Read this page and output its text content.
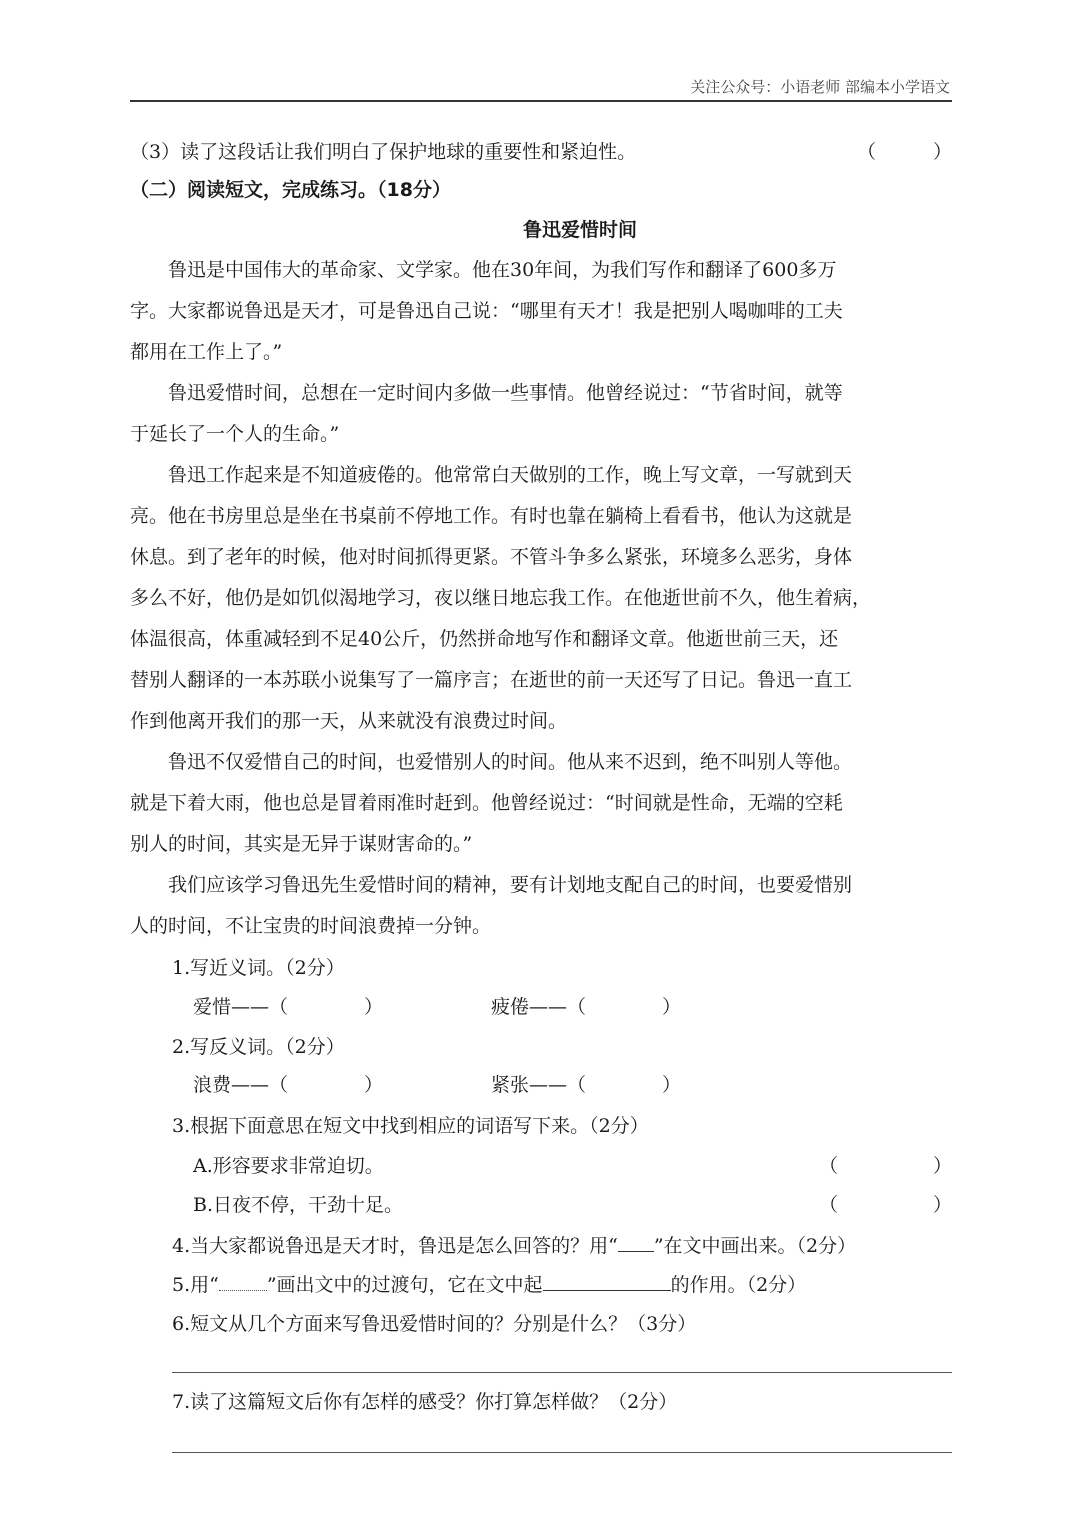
关注公众号：小语老师 部编本小学语文
（3）读了这段话让我们明白了保护地球的重要性和紧迫性。	（　　　）
（二）阅读短文，完成练习。（18分）
鲁迅爱惜时间
　　鲁迅是中国伟大的革命家、文学家。他在30年间，为我们写作和翻译了600多万
字。大家都说鲁迅是天才，可是鲁迅自己说：“哪里有天才！我是把别人喝咖啡的工夫
都用在工作上了。”
　　鲁迅爱惜时间，总想在一定时间内多做一些事情。他曾经说过：“节省时间，就等
于延长了一个人的生命。”
　　鲁迅工作起来是不知道疲倦的。他常常白天做别的工作，晚上写文章，一写就到天
亮。他在书房里总是坐在书桌前不停地工作。有时也靠在躺椅上看看书，他认为这就是
休息。到了老年的时候，他对时间抓得更紧。不管斗争多么紧张，环境多么恶劣，身体
多么不好，他仍是如饥似渴地学习，夜以继日地忘我工作。在他逝世前不久，他生着病，
体温很高，体重减轻到不足40公斤，仍然拼命地写作和翻译文章。他逝世前三天，还
替别人翻译的一本苏联小说集写了一篇序言；在逝世的前一天还写了日记。鲁迅一直工
作到他离开我们的那一天，从来就没有浪费过时间。
　　鲁迅不仅爱惜自己的时间，也爱惜别人的时间。他从来不迟到，绝不叫别人等他。
就是下着大雨，他也总是冒着雨准时赶到。他曾经说过：“时间就是性命，无端的空耗
别人的时间，其实是无异于谋财害命的。”
　　我们应该学习鲁迅先生爱惜时间的精神，要有计划地支配自己的时间，也要爱惜别
人的时间，不让宝贵的时间浪费掉一分钟。
1.写近义词。（2分）
爱惜——（　　　　）	疲倦——（　　　　）
2.写反义词。（2分）
浪费——（　　　　）	紧张——（　　　　）
3.根据下面意思在短文中找到相应的词语写下来。（2分）
A.形容要求非常迫切。	（　　　　　）
B.日夜不停，干劲十足。	（　　　　　）
4.当大家都说鲁迅是天才时，鲁迅是怎么回答的？用“ ”在文中画出来。（2分）
5.用“	”画出文中的过渡句，它在文中起	的作用。（2分）
6.短文从几个方面来写鲁迅爱惜时间的？分别是什么？（3分）
7.读了这篇短文后你有怎样的感受？你打算怎样做？（2分）
